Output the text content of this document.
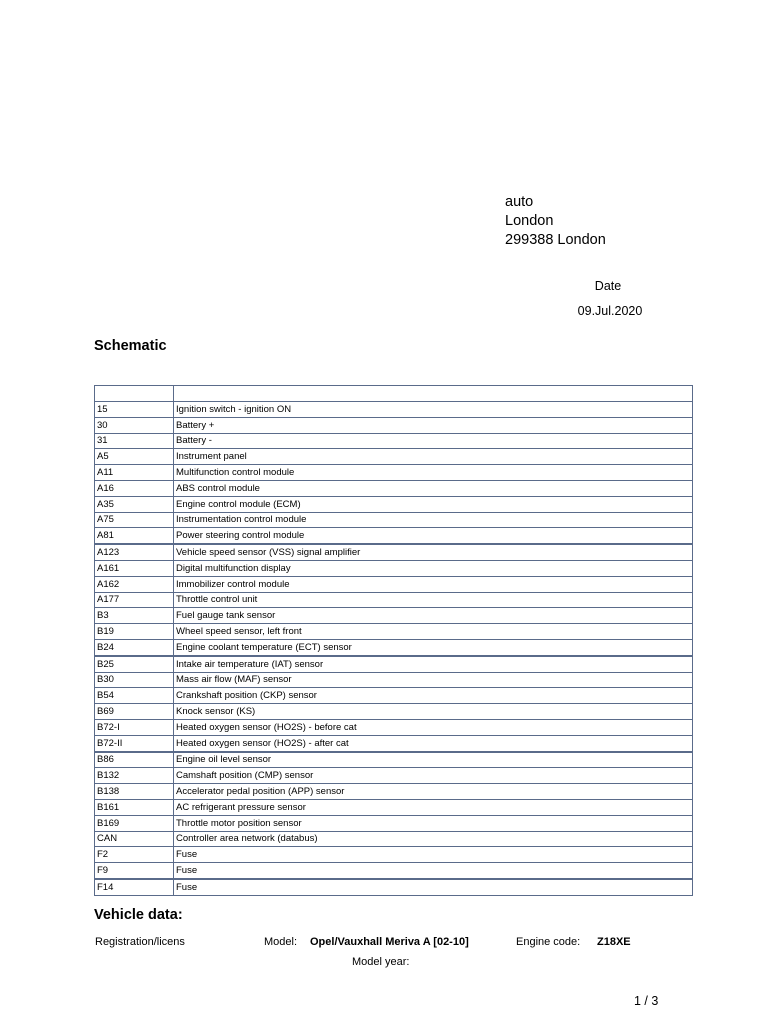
auto
London
299388 London
Date
09.Jul.2020
Schematic

15	Ignition switch - ignition ON
30	Battery +
31	Battery -
A5	Instrument panel
A11	Multifunction control module
A16	ABS control module
A35	Engine control module (ECM)
A75	Instrumentation control module
A81	Power steering control module
A123	Vehicle speed sensor (VSS) signal amplifier
A161	Digital multifunction display
A162	Immobilizer control module
A177	Throttle control unit
B3	Fuel gauge tank sensor
B19	Wheel speed sensor, left front
B24	Engine coolant temperature (ECT) sensor
B25	Intake air temperature (IAT) sensor
B30	Mass air flow (MAF) sensor
B54	Crankshaft position (CKP) sensor
B69	Knock sensor (KS)
B72-I	Heated oxygen sensor (HO2S) - before cat
B72-II	Heated oxygen sensor (HO2S) - after cat
B86	Engine oil level sensor
B132	Camshaft position (CMP) sensor
B138	Accelerator pedal position (APP) sensor
B161	AC refrigerant pressure sensor
B169	Throttle motor position sensor
CAN	Controller area network (databus)
F2	Fuse
F9	Fuse
F14	Fuse
Vehicle data:
Registration/licens	Model: Opel/Vauxhall Meriva A [02-10]	Engine code: Z18XE
Model year:
1 / 3
